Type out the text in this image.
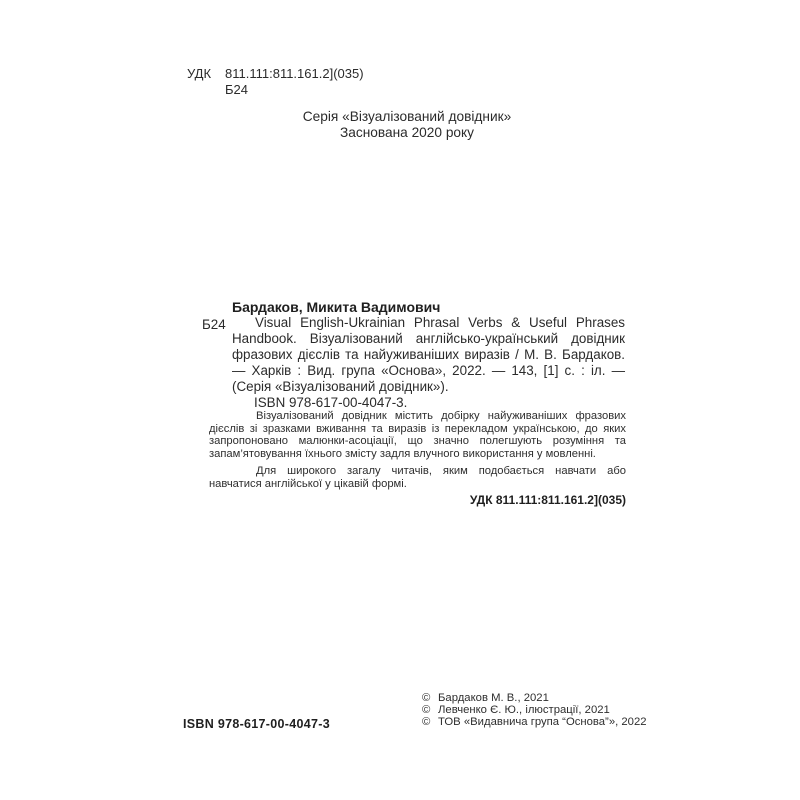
УДК 811.111:811.161.2](035)
Б24
Серія «Візуалізований довідник»
Заснована 2020 року
Бардаков, Микита Вадимович
Б24	Visual English-Ukrainian Phrasal Verbs & Useful Phrases Handbook. Візуалізований англійсько-український довідник фразових дієслів та найуживаніших виразів / М. В. Бардаков. — Харків : Вид. група «Основа», 2022. — 143, [1] с. : іл. — (Серія «Візуалізований довідник»).

ISBN 978-617-00-4047-3.

Візуалізований довідник містить добірку найуживаніших фразових дієслів зі зразками вживання та виразів із перекладом українською, до яких запропоновано малюнки-асоціації, що значно полегшують розуміння та запам’ятовування їхнього змісту задля влучного використання у мовленні.

Для широкого загалу читачів, яким подобається навчати або навчатися англійської у цікавій формі.

УДК 811.111:811.161.2](035)
ISBN 978-617-00-4047-3
© Бардаков М. В., 2021
© Левченко Є. Ю., ілюстрації, 2021
© ТОВ «Видавнича група “Основа”», 2022
